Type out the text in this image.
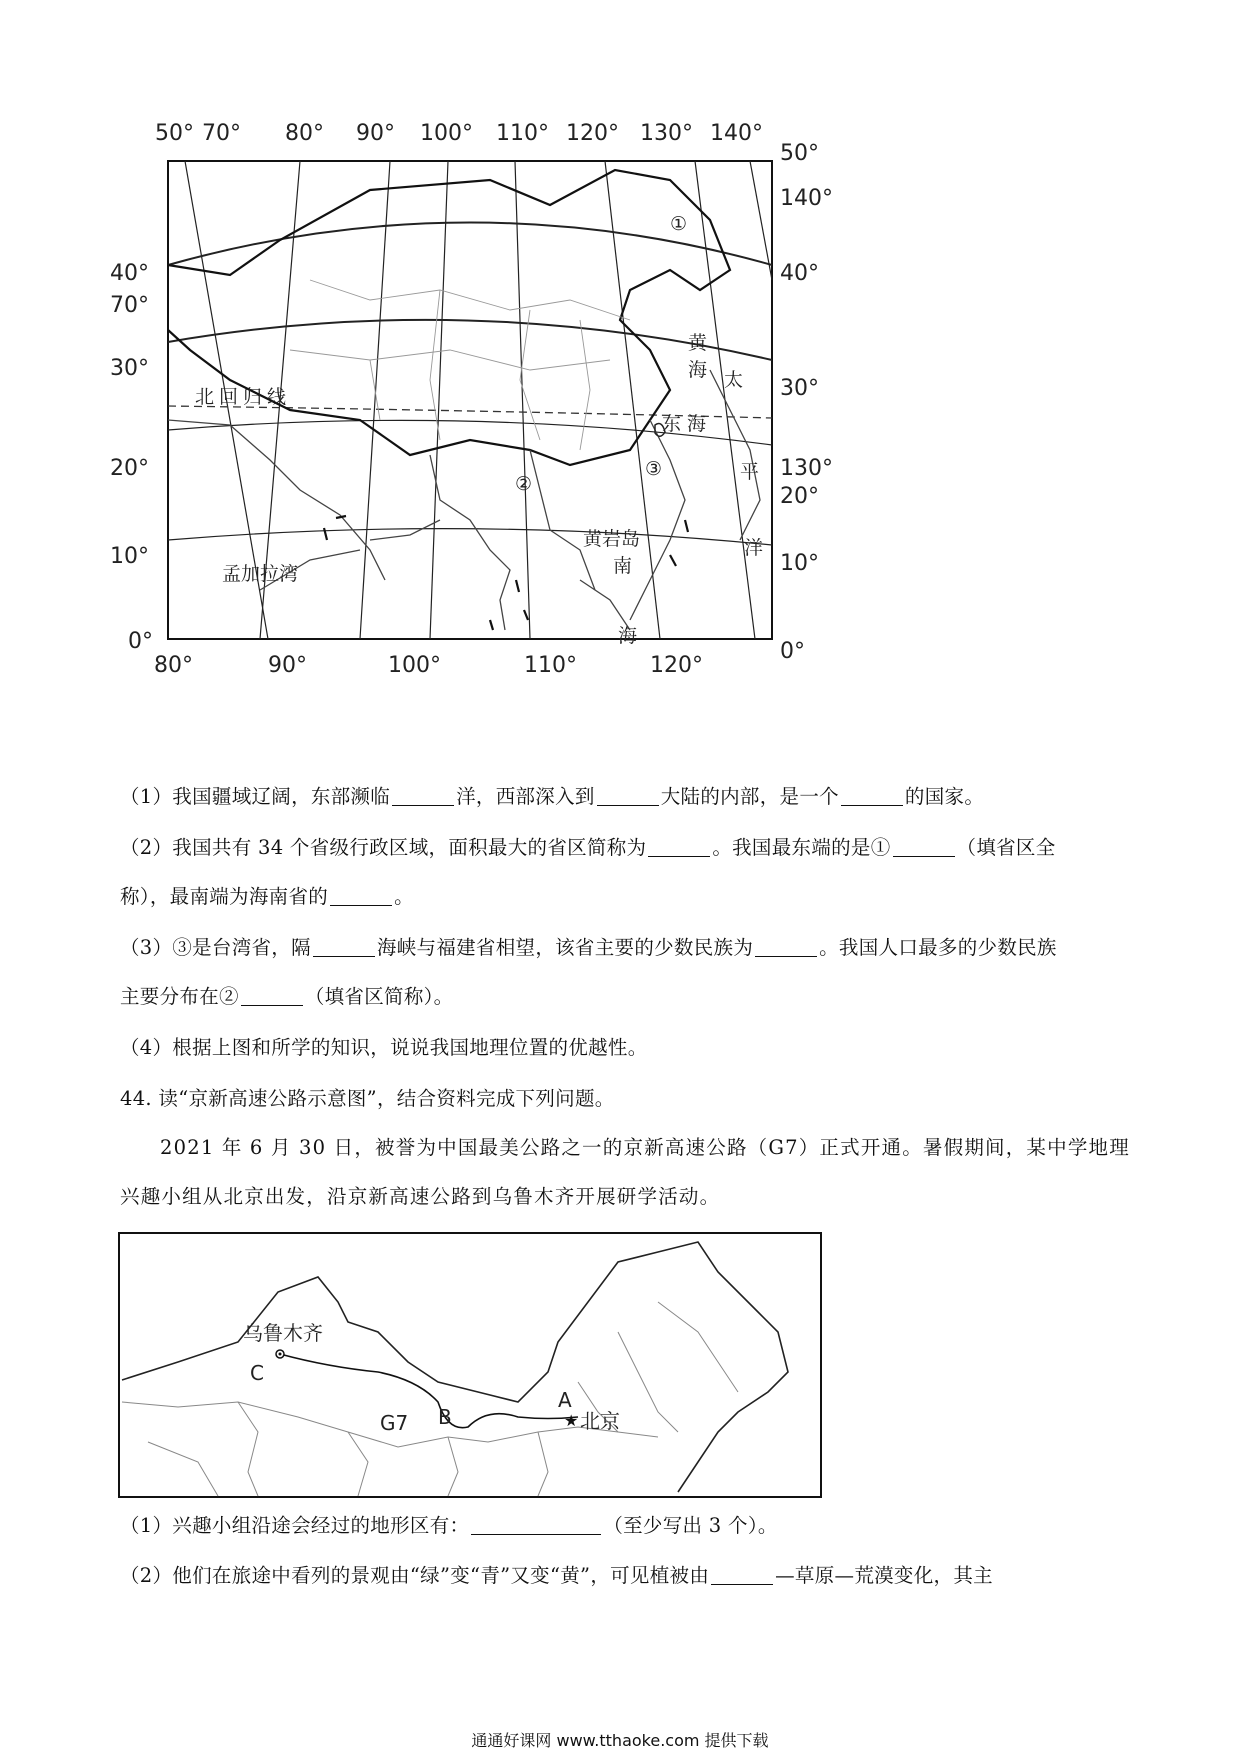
50° 70° 80° 90° 100° 110° 120° 130° 140°
80°	90°	100°	110°	120°
40°
70°
30°
20°
10°
0°
50°
140°
40°
30°
130°
20°
10°
0°
北回归线
孟加拉湾
黄
海
东 海
太
平
洋
黄岩岛
南
海
①
②
③
（1）我国疆域辽阔，东部濒临	洋，西部深入到	大陆的内部，是一个	的国家。
（2）我国共有 34 个省级行政区域，面积最大的省区简称为	。我国最东端的是①	（填省区全
称），最南端为海南省的	。
（3）③是台湾省，隔	海峡与福建省相望，该省主要的少数民族为	。我国人口最多的少数民族
主要分布在②	（填省区简称）。
（4）根据上图和所学的知识，说说我国地理位置的优越性。
44. 读“京新高速公路示意图”，结合资料完成下列问题。
2021 年 6 月 30 日，被誉为中国最美公路之一的京新高速公路（G7）正式开通。暑假期间，某中学地理
兴趣小组从北京出发，沿京新高速公路到乌鲁木齐开展研学活动。
★
乌鲁木齐
C
B
A
G7	北京
（1）兴趣小组沿途会经过的地形区有：	（至少写出 3 个）。
（2）他们在旅途中看列的景观由“绿”变“青”又变“黄”，可见植被由	—草原—荒漠变化，其主
通通好课网 www.tthaoke.com 提供下载
